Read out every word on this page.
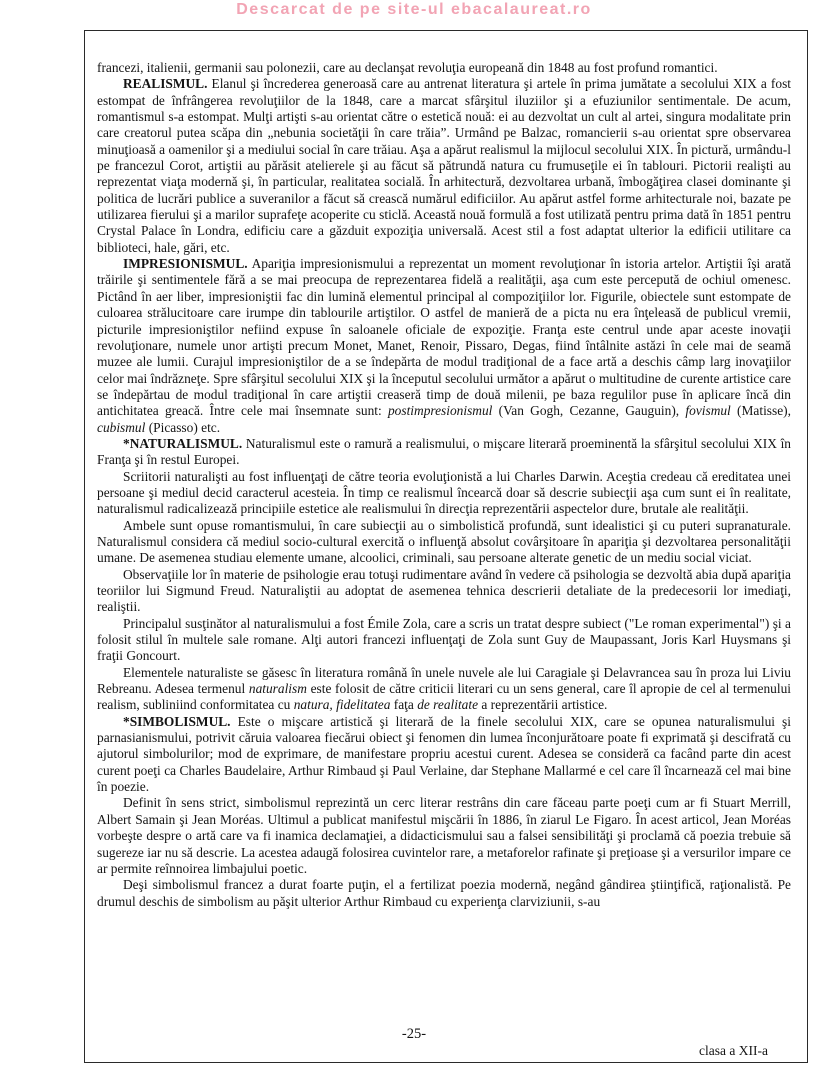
Descarcat de pe site-ul ebacalaureat.ro

francezi, italienii, germanii sau polonezii, care au declanşat revoluţia europeană din 1848 au fost profund romantici.

REALISMUL. Elanul şi încrederea generoasă care au antrenat literatura şi artele în prima jumătate a secolului XIX a fost estompat de înfrângerea revoluţiilor de la 1848, care a marcat sfârşitul iluziilor şi a efuziunilor sentimentale. De acum, romantismul s-a estompat. Mulţi artişti s-au orientat către o estetică nouă: ei au dezvoltat un cult al artei, singura modalitate prin care creatorul putea scăpa din „nebunia societăţii în care trăia”. Urmând pe Balzac, romancierii s-au orientat spre observarea minuţioasă a oamenilor şi a mediului social în care trăiau. Aşa a apărut realismul la mijlocul secolului XIX. În pictură, urmându-l pe francezul Corot, artiştii au părăsit atelierele şi au făcut să pătrundă natura cu frumuseţile ei în tablouri. Pictorii realişti au reprezentat viaţa modernă şi, în particular, realitatea socială. În arhitectură, dezvoltarea urbană, îmbogăţirea clasei dominante şi politica de lucrări publice a suveranilor a făcut să crească numărul edificiilor. Au apărut astfel forme arhitecturale noi, bazate pe utilizarea fierului şi a marilor suprafeţe acoperite cu sticlă. Această nouă formulă a fost utilizată pentru prima dată în 1851 pentru Crystal Palace în Londra, edificiu care a găzduit expoziţia universală. Acest stil a fost adaptat ulterior la edificii utilitare ca biblioteci, hale, gări, etc.

IMPRESIONISMUL. Apariţia impresionismului a reprezentat un moment revoluţionar în istoria artelor. Artiştii îşi arată trăirile şi sentimentele fără a se mai preocupa de reprezentarea fidelă a realităţii, aşa cum este percepută de ochiul omenesc. Pictând în aer liber, impresioniştii fac din lumină elementul principal al compoziţiilor lor. Figurile, obiectele sunt estompate de culoarea strălucitoare care irumpe din tablourile artiştilor. O astfel de manieră de a picta nu era înţeleasă de publicul vremii, picturile impresioniştilor nefiind expuse în saloanele oficiale de expoziţie. Franţa este centrul unde apar aceste inovaţii revoluţionare, numele unor artişti precum Monet, Manet, Renoir, Pissaro, Degas, fiind întâlnite astăzi în cele mai de seamă muzee ale lumii. Curajul impresioniştilor de a se îndepărta de modul tradiţional de a face artă a deschis câmp larg inovaţiilor celor mai îndrăzneţe. Spre sfârşitul secolului XIX şi la începutul secolului următor a apărut o multitudine de curente artistice care se îndepărtau de modul tradiţional în care artiştii creaseră timp de două milenii, pe baza regulilor puse în aplicare încă din antichitatea greacă. Între cele mai însemnate sunt: postimpresionismul (Van Gogh, Cezanne, Gauguin), fovismul (Matisse), cubismul (Picasso) etc.

*NATURALISMUL. Naturalismul este o ramură a realismului, o mişcare literară proeminentă la sfârşitul secolului XIX în Franţa şi în restul Europei.

Scriitorii naturalişti au fost influenţaţi de către teoria evoluţionistă a lui Charles Darwin. Aceştia credeau că ereditatea unei persoane şi mediul decid caracterul acesteia. În timp ce realismul încearcă doar să descrie subiecţii aşa cum sunt ei în realitate, naturalismul radicalizează principiile estetice ale realismului în direcţia reprezentării aspectelor dure, brutale ale realităţii.

Ambele sunt opuse romantismului, în care subiecţii au o simbolistică profundă, sunt idealistici şi cu puteri supranaturale. Naturalismul considera că mediul socio-cultural exercită o influenţă absolut covârşitoare în apariţia şi dezvoltarea personalităţii umane. De asemenea studiau elemente umane, alcoolici, criminali, sau persoane alterate genetic de un mediu social viciat.

Observaţiile lor în materie de psihologie erau totuşi rudimentare având în vedere că psihologia se dezvoltă abia după apariţia teoriilor lui Sigmund Freud. Naturaliştii au adoptat de asemenea tehnica descrierii detaliate de la predecesorii lor imediaţi, realiştii.

Principalul susţinător al naturalismului a fost Émile Zola, care a scris un tratat despre subiect ("Le roman experimental") şi a folosit stilul în multele sale romane. Alţi autori francezi influenţaţi de Zola sunt Guy de Maupassant, Joris Karl Huysmans şi fraţii Goncourt.

Elementele naturaliste se găsesc în literatura română în unele nuvele ale lui Caragiale şi Delavrancea sau în proza lui Liviu Rebreanu. Adesea termenul naturalism este folosit de către criticii literari cu un sens general, care îl apropie de cel al termenului realism, subliniind conformitatea cu natura, fidelitatea faţa de realitate a reprezentării artistice.

*SIMBOLISMUL. Este o mişcare artistică şi literară de la finele secolului XIX, care se opunea naturalismului şi parnasianismului, potrivit căruia valoarea fiecărui obiect şi fenomen din lumea înconjurătoare poate fi exprimată şi descifrată cu ajutorul simbolurilor; mod de exprimare, de manifestare propriu acestui curent. Adesea se consideră ca facând parte din acest curent poeţi ca Charles Baudelaire, Arthur Rimbaud şi Paul Verlaine, dar Stephane Mallarmé e cel care îl încarnează cel mai bine în poezie.

Definit în sens strict, simbolismul reprezintă un cerc literar restrâns din care făceau parte poeţi cum ar fi Stuart Merrill, Albert Samain şi Jean Moréas. Ultimul a publicat manifestul mişcării în 1886, în ziarul Le Figaro. În acest articol, Jean Moréas vorbeşte despre o artă care va fi inamica declamaţiei, a didacticismului sau a falsei sensibilităţi şi proclamă că poezia trebuie să sugereze iar nu să descrie. La acestea adaugă folosirea cuvintelor rare, a metaforelor rafinate şi preţioase şi a versurilor impare ce ar permite reînnoirea limbajului poetic.

Deşi simbolismul francez a durat foarte puţin, el a fertilizat poezia modernă, negând gândirea ştiinţifică, raţionalistă. Pe drumul deschis de simbolism au păşit ulterior Arthur Rimbaud cu experienţa clarviziunii, s-au

-25-
clasa a XII-a
